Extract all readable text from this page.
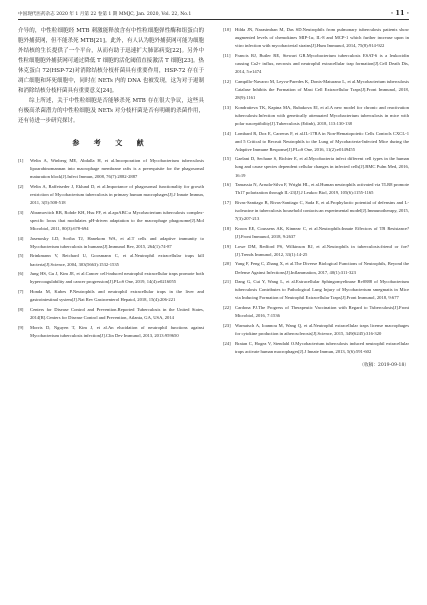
中国现代医药杂志 2020 年 1 月第 22 卷第 1 期 MMJC, Jan. 2020, Vol. 22, No.1	· 11 ·

介导的，中性粒细胞经 MTB 刺激能释放含有中性粒细胞弹性酶和组蛋白的胞外捕获网，但不能杀死 MTB[21]。此外，有人认为胞外捕获网可能为细胞外结核的生长提供了一个平台，从而有助于迅速扩大肺部病变[22]。另外中性粒细胞胞外捕获网可通过降低 T 细胞的活化阈值直接激活 T 细胞[23]。热休克蛋白 72(HSP-72)对消除结核分枝杆菌具有重要作用，HSP-72 存在于凋亡细胞和坏死细胞中，同时在 NETs 内的 DNA 也被发现，这为对于遏制和消除结核分枝杆菌具有重要意义[24]。

综上所述，关于中性粒细胞是否能够杀死 MTB 存在很大争议，这些具有极高杀菌潜力的中性粒细胞及 NETs 对分枝杆菌是否有明确的杀菌作用，还有待进一步研究探讨。

参 考 文 献
[1]	Welin A, Winberg ME, Abdalla H, et al.Incorporation of Mycobacterium tuberculosis lipoarabinomannan into macrophage membrane rafts is a prerequisite for the phagosomal maturation block[J].Infect Immun, 2008, 76(7):2882-2887
[2]	Welin A, Raffetseder J, Eklund D, et al.Importance of phagosomal functionality for growth restriction of Mycobacterium tuberculosis in primary human macrophages[J].J Innate Immun, 2011, 3(5):508-518
[3]	Abramovitch RB, Rohde KH, Hsu FF, et al.aprABC:a Mycobacterium tuberculosis complex-specific locus that modulates pH-driven adaptation to the macrophage phagosome[J].Mol Microbiol, 2011, 80(3):678-694
[4]	Jasenosky LD, Scriba TJ, Hanekom WA, et al.T cells and adaptive immunity to Mycobacterium tuberculosis in humans[J].Immunol Rev, 2015, 264(1):74-87
[5]	Brinkmann V, Reichard U, Goosmann C, et al.Neutrophil extracellular traps kill bacteria[J].Science, 2004, 303(5663):1532-1535
[6]	Jung HS, Gu J, Kim JE, et al.Cancer cell-induced neutrophil extracellular traps promote both hypercoagulability and cancer progression[J].PLoS One, 2019, 14(4):e0216055
[7]	Honda M, Kubes P.Neutrophils and neutrophil extracellular traps in the liver and gastrointestinal system[J].Nat Rev Gastroenterol Hepatol, 2018, 15(4):206-221
[8]	Centers for Disease Control and Prevention.Reported Tuberculosis in the United States, 2014[R].Centers for Disease Control and Prevention, Atlanta, GA, USA, 2014
[9]	Morris D, Nguyen T, Kim J, et al.An elucidation of neutrophil functions against Mycobacterium tuberculosis infection[J].Clin Dev Immunol, 2013, 2013:959650
[10] Hilda JN, Narasimhan M, Das SD.Neutrophils from pulmonary tuberculosis patients show augmented levels of chemokines MIP-1α, IL-8 and MCP-1 which further increase upon in vitro infection with mycobacterial strains[J].Hum Immunol, 2014, 75(8):914-922
[11] Francis RJ, Butler RE, Stewart GR.Mycobacterium tuberculosis ESAT-6 is a leukocidin causing Ca2+ influx, necrosis and neutrophil extracellular trap formation[J].Cell Death Dis, 2014, 5:e1474
[12] Campillo-Navarro M, Leyva-Paredes K, Donis-Maturano L, et al.Mycobacterium tuberculosis Catalase Inhibits the Formation of Mast Cell Extracellular Traps[J].Front Immunol, 2018, 28(9):1161
[13] Kondratieva TK, Kapina MA, Rubakova EI, et al.A new model for chronic and reactivation tuberculosis:Infection with genetically attenuated Mycobacterium tuberculosis in mice with polar susceptibility[J].Tuberculosis (Edinb), 2018, 113:130-138
[14] Lombard R, Doz E, Carreras F, et al.IL-17RA in Non-Hematopoietic Cells Controls CXCL-1 and 5 Critical to Recruit Neutrophils to the Lung of Mycobacteria-Infected Mice during the Adaptive Immune Response[J].PLoS One, 2016, 11(2):e0149455
[15] Gaelani D, Sechane S, Richter E, et al.Mycobacteria infect different cell types in the human lung and cause species dependent cellular changes in infected cells[J].BMC Pulm Med, 2016, 16:19
[16] Tamassia N, Arruda-Silva F, Wright HL, et al.Human neutrophils activated via TLR8 promote Th17 polarization through IL-23[J].J Leukoc Biol, 2019, 105(6):1155-1165
[17] Rivas-Santiago B, Rivas-Santiago C, Sada E, et al.Prophylactic potential of defensins and L-isoleucine in tuberculosis household contacts:an experimental model[J].Immunotherapy, 2015, 7(3):207-213
[18] Kroon EE, Coussens AK, Kinnear C, et al.Neutrophils:Innate Effectors of TB Resistance?[J].Front Immunol, 2018, 9:2637
[19] Lowe DM, Redford PS, Wilkinson RJ, et al.Neutrophils in tuberculosis:friend or foe?[J].Trends Immunol, 2012, 33(1):14-25
[20] Yang F, Feng C, Zhang X, et al.The Diverse Biological Functions of Neutrophils, Beyond the Defense Against Infections[J].Inflammation, 2017, 40(1):311-323
[21] Dang G, Cui Y, Wang L, et al.Extracellular Sphingomyelinase Rv0888 of Mycobacterium tuberculosis Contributes to Pathological Lung Injury of Mycobacterium smegmatis in Mice via Inducing Formation of Neutrophil Extracellular Traps[J].Front Immunol, 2018, 9:677
[22] Cardona PJ.The Progress of Therapeutic Vaccination with Regard to Tuberculosis[J].Front Microbiol, 2016, 7:1536
[23] Warnatsch A, Ioannou M, Wang Q, et al.Neutrophil extracellular traps license macrophages for cytokine production in atherosclerosis[J].Science, 2015, 349(6245):316-320
[24] Braian C, Hogea V, Stendahl O.Mycobacterium tuberculosis induced neutrophil extracellular traps activate human macrophages[J].J Innate Immun, 2013, 5(6):591-602
（收稿：2019-09-18）
